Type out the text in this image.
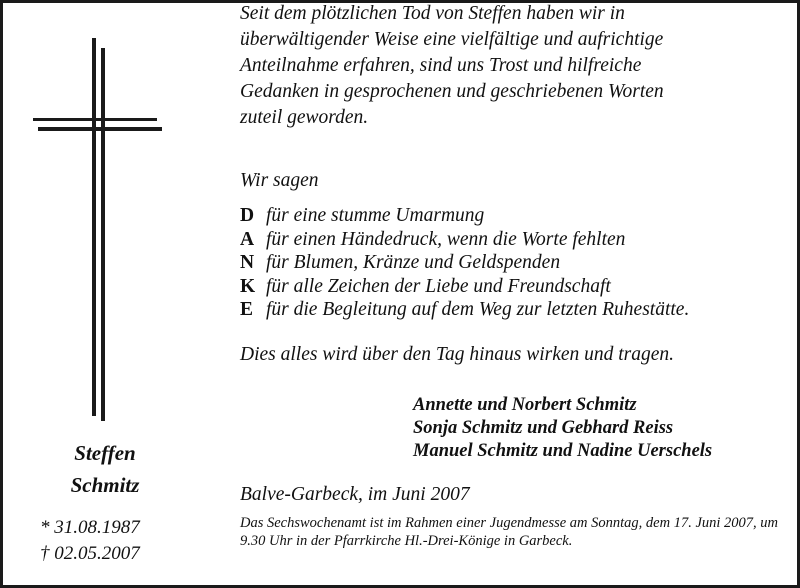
Steffen
Schmitz
* 31.08.1987
† 02.05.2007

Seit dem plötzlichen Tod von Steffen haben wir in

überwältigender Weise eine vielfältige und aufrichtige

Anteilnahme erfahren, sind uns Trost und hilfreiche

Gedanken in gesprochenen und geschriebenen Worten

zuteil geworden.

Wir sagen
D für eine stumme Umarmung
A für einen Händedruck, wenn die Worte fehlten
N für Blumen, Kränze und Geldspenden
K für alle Zeichen der Liebe und Freundschaft
E für die Begleitung auf dem Weg zur letzten Ruhestätte.
Dies alles wird über den Tag hinaus wirken und tragen.
Annette und Norbert Schmitz
Sonja Schmitz und Gebhard Reiss
Manuel Schmitz und Nadine Uerschels
Balve-Garbeck, im Juni 2007
Das Sechswochenamt ist im Rahmen einer Jugendmesse am Sonntag, dem 17. Juni 2007, um 9.30 Uhr in der Pfarrkirche Hl.-Drei-Könige in Garbeck.
